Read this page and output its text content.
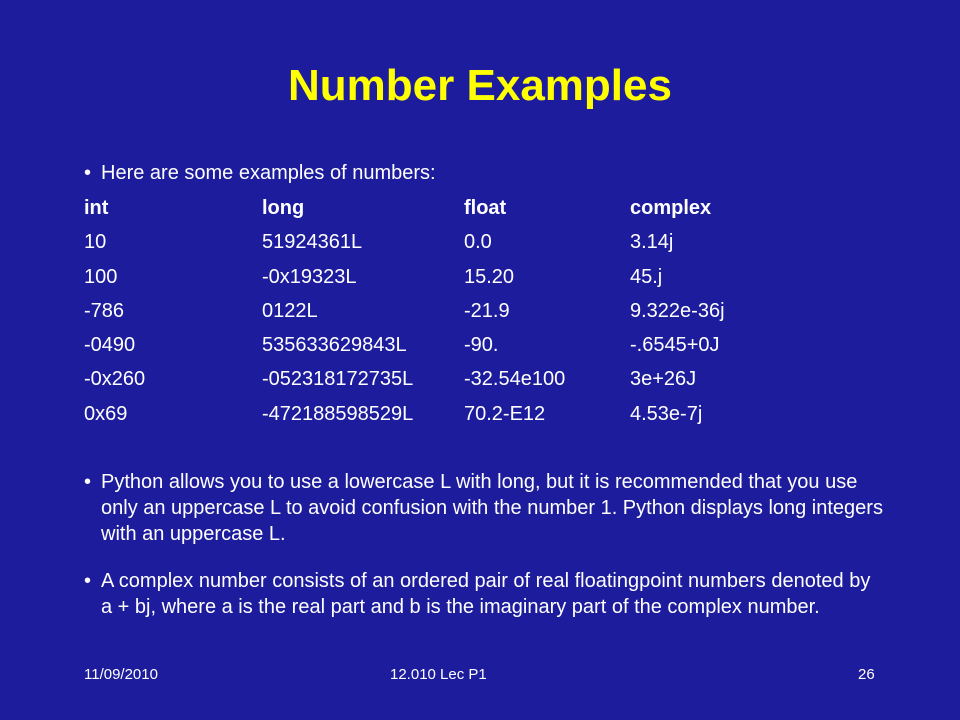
Number Examples
• Here are some examples of numbers:
int	long	float	complex
10	51924361L	0.0	3.14j
100	-0x19323L	15.20	45.j
-786	0122L	-21.9	9.322e-36j
-0490	535633629843L	-90.	-.6545+0J
-0x260	-052318172735L	-32.54e100	3e+26J
0x69	-472188598529L	70.2-E12	4.53e-7j
• Python allows you to use a lowercase L with long, but it is recommended that you use only an uppercase L to avoid confusion with the number 1. Python displays long integers with an uppercase L.
• A complex number consists of an ordered pair of real floatingpoint numbers denoted by a + bj, where a is the real part and b is the imaginary part of the complex number.
11/09/2010	12.010 Lec P1	26
